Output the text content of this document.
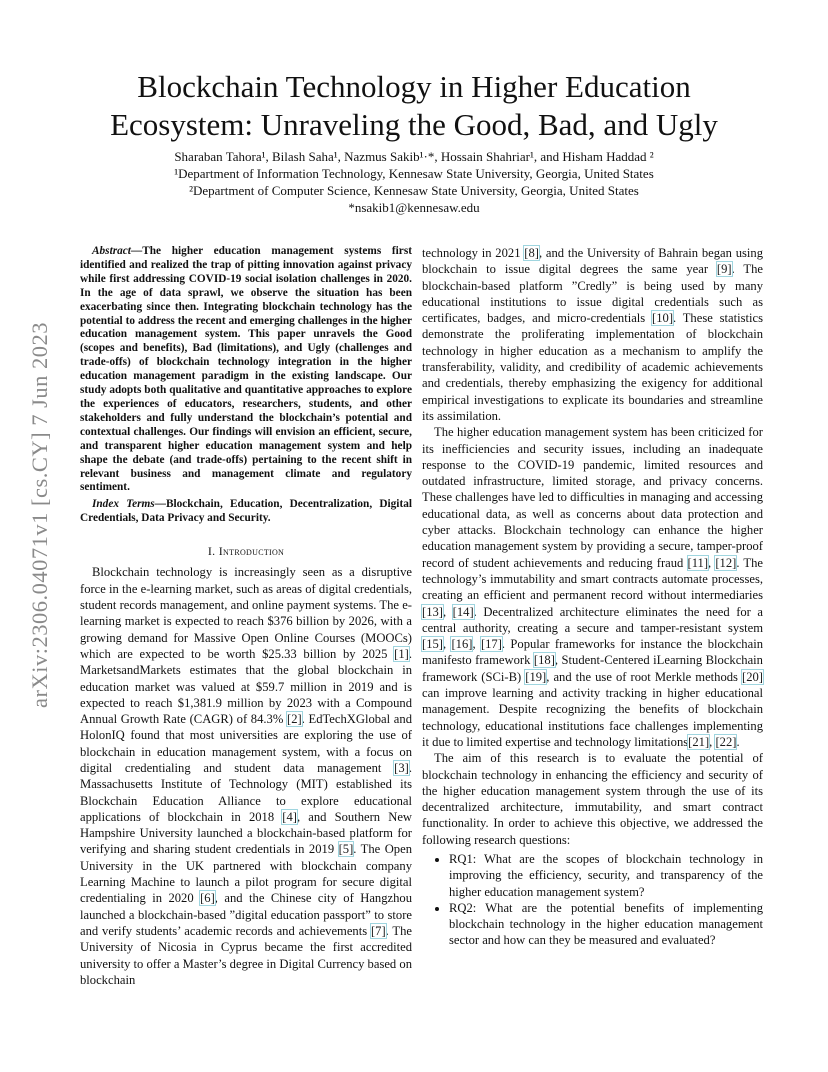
arXiv:2306.04071v1 [cs.CY] 7 Jun 2023
Blockchain Technology in Higher Education
Ecosystem: Unraveling the Good, Bad, and Ugly
Sharaban Tahora¹, Bilash Saha¹, Nazmus Sakib¹·*, Hossain Shahriar¹, and Hisham Haddad ²
¹Department of Information Technology, Kennesaw State University, Georgia, United States
²Department of Computer Science, Kennesaw State University, Georgia, United States
*nsakib1@kennesaw.edu

Abstract—The higher education management systems first identified and realized the trap of pitting innovation against privacy while first addressing COVID-19 social isolation challenges in 2020. In the age of data sprawl, we observe the situation has been exacerbating since then. Integrating blockchain technology has the potential to address the recent and emerging challenges in the higher education management system. This paper unravels the Good (scopes and benefits), Bad (limitations), and Ugly (challenges and trade-offs) of blockchain technology integration in the higher education management paradigm in the existing landscape. Our study adopts both qualitative and quantitative approaches to explore the experiences of educators, researchers, students, and other stakeholders and fully understand the blockchain’s potential and contextual challenges. Our findings will envision an efficient, secure, and transparent higher education management system and help shape the debate (and trade-offs) pertaining to the recent shift in relevant business and management climate and regulatory sentiment.

Index Terms—Blockchain, Education, Decentralization, Digital Credentials, Data Privacy and Security.

I. Introduction

Blockchain technology is increasingly seen as a disruptive force in the e-learning market, such as areas of digital credentials, student records management, and online payment systems. The e-learning market is expected to reach $376 billion by 2026, with a growing demand for Massive Open Online Courses (MOOCs) which are expected to be worth $25.33 billion by 2025 [1]. MarketsandMarkets estimates that the global blockchain in education market was valued at $59.7 million in 2019 and is expected to reach $1,381.9 million by 2023 with a Compound Annual Growth Rate (CAGR) of 84.3% [2]. EdTechXGlobal and HolonIQ found that most universities are exploring the use of blockchain in education management system, with a focus on digital credentialing and student data management [3]. Massachusetts Institute of Technology (MIT) established its Blockchain Education Alliance to explore educational applications of blockchain in 2018 [4], and Southern New Hampshire University launched a blockchain-based platform for verifying and sharing student credentials in 2019 [5]. The Open University in the UK partnered with blockchain company Learning Machine to launch a pilot program for secure digital credentialing in 2020 [6], and the Chinese city of Hangzhou launched a blockchain-based ”digital education passport” to store and verify students’ academic records and achievements [7]. The University of Nicosia in Cyprus became the first accredited university to offer a Master’s degree in Digital Currency based on blockchain

technology in 2021 [8], and the University of Bahrain began using blockchain to issue digital degrees the same year [9]. The blockchain-based platform ”Credly” is being used by many educational institutions to issue digital credentials such as certificates, badges, and micro-credentials [10]. These statistics demonstrate the proliferating implementation of blockchain technology in higher education as a mechanism to amplify the transferability, validity, and credibility of academic achievements and credentials, thereby emphasizing the exigency for additional empirical investigations to explicate its boundaries and streamline its assimilation.

The higher education management system has been criticized for its inefficiencies and security issues, including an inadequate response to the COVID-19 pandemic, limited resources and outdated infrastructure, limited storage, and privacy concerns. These challenges have led to difficulties in managing and accessing educational data, as well as concerns about data protection and cyber attacks. Blockchain technology can enhance the higher education management system by providing a secure, tamper-proof record of student achievements and reducing fraud [11], [12]. The technology’s immutability and smart contracts automate processes, creating an efficient and permanent record without intermediaries [13], [14]. Decentralized architecture eliminates the need for a central authority, creating a secure and tamper-resistant system [15], [16], [17]. Popular frameworks for instance the blockchain manifesto framework [18], Student-Centered iLearning Blockchain framework (SCi-B) [19], and the use of root Merkle methods [20] can improve learning and activity tracking in higher educational management. Despite recognizing the benefits of blockchain technology, educational institutions face challenges implementing it due to limited expertise and technology limitations[21], [22].

The aim of this research is to evaluate the potential of blockchain technology in enhancing the efficiency and security of the higher education management system through the use of its decentralized architecture, immutability, and smart contract functionality. In order to achieve this objective, we addressed the following research questions:

• RQ1: What are the scopes of blockchain technology in improving the efficiency, security, and transparency of the higher education management system?
• RQ2: What are the potential benefits of implementing blockchain technology in the higher education management sector and how can they be measured and evaluated?
